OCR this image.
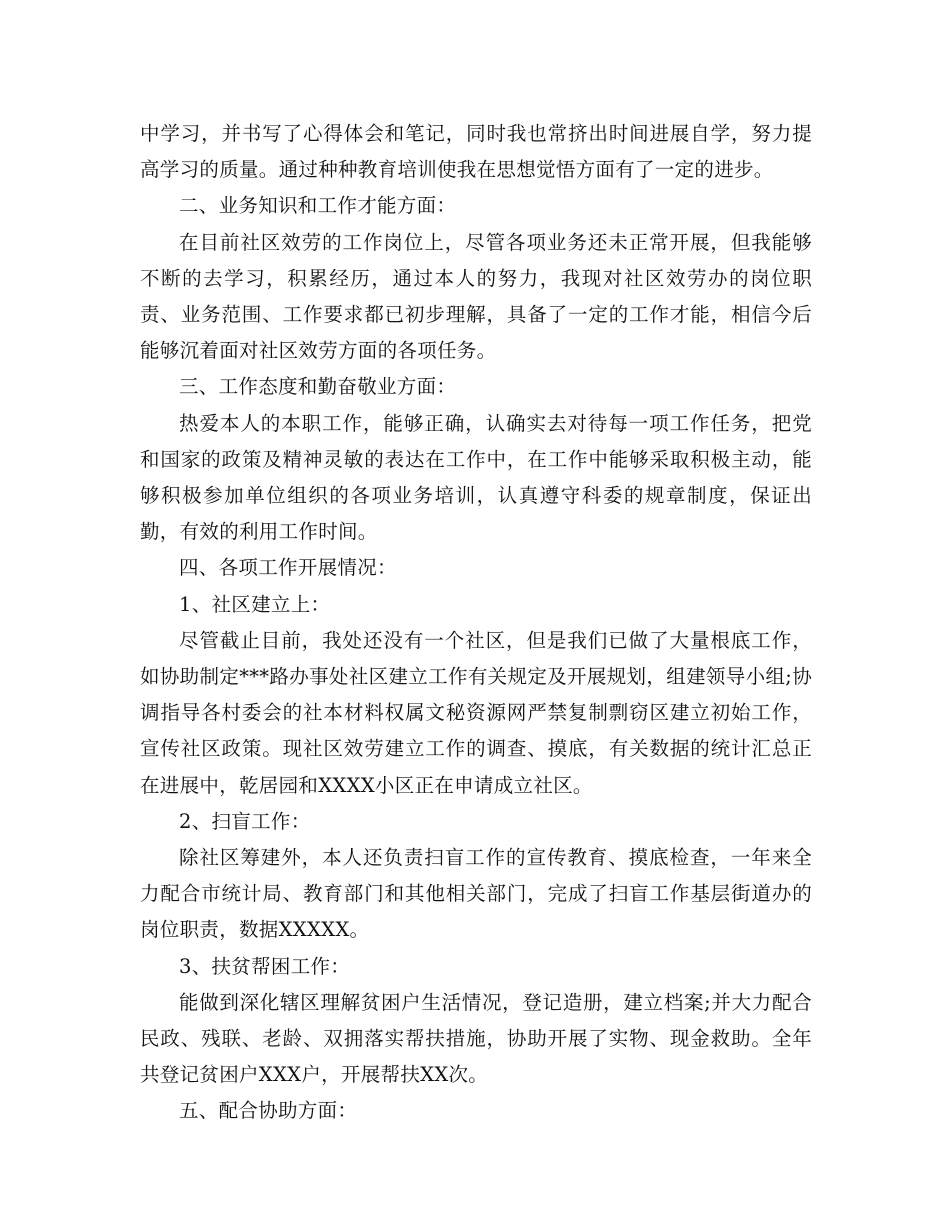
中学习，并书写了心得体会和笔记，同时我也常挤出时间进展自学，努力提高学习的质量。通过种种教育培训使我在思想觉悟方面有了一定的进步。

二、业务知识和工作才能方面：

在目前社区效劳的工作岗位上，尽管各项业务还未正常开展，但我能够不断的去学习，积累经历，通过本人的努力，我现对社区效劳办的岗位职责、业务范围、工作要求都已初步理解，具备了一定的工作才能，相信今后能够沉着面对社区效劳方面的各项任务。

三、工作态度和勤奋敬业方面：

热爱本人的本职工作，能够正确，认确实去对待每一项工作任务，把党和国家的政策及精神灵敏的表达在工作中，在工作中能够采取积极主动，能够积极参加单位组织的各项业务培训，认真遵守科委的规章制度，保证出勤，有效的利用工作时间。

四、各项工作开展情况：

1、社区建立上：

尽管截止目前，我处还没有一个社区，但是我们已做了大量根底工作，如协助制定***路办事处社区建立工作有关规定及开展规划，组建领导小组;协调指导各村委会的社本材料权属文秘资源网严禁复制剽窃区建立初始工作，宣传社区政策。现社区效劳建立工作的调查、摸底，有关数据的统计汇总正在进展中，乾居园和XXXX小区正在申请成立社区。

2、扫盲工作：

除社区筹建外，本人还负责扫盲工作的宣传教育、摸底检查，一年来全力配合市统计局、教育部门和其他相关部门，完成了扫盲工作基层街道办的岗位职责，数据XXXXX。

3、扶贫帮困工作：

能做到深化辖区理解贫困户生活情况，登记造册，建立档案;并大力配合民政、残联、老龄、双拥落实帮扶措施，协助开展了实物、现金救助。全年共登记贫困户XXX户，开展帮扶XX次。

五、配合协助方面：
